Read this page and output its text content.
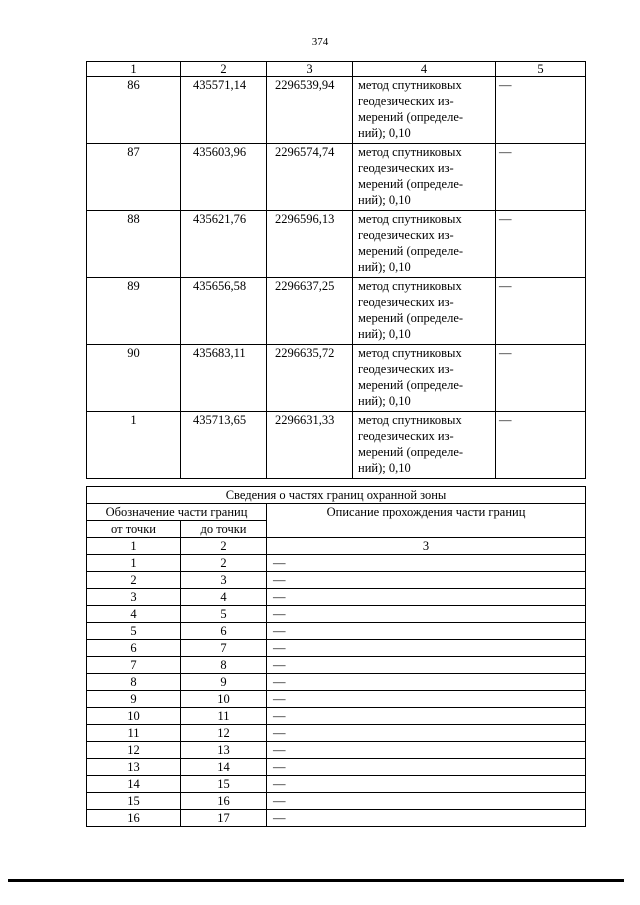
374
1	2	3	4	5
86	435571,14	2296539,94	метод спутниковых
геодезических из-
мерений (определе-
ний); 0,10	—
87	435603,96	2296574,74	метод спутниковых
геодезических из-
мерений (определе-
ний); 0,10	—
88	435621,76	2296596,13	метод спутниковых
геодезических из-
мерений (определе-
ний); 0,10	—
89	435656,58	2296637,25	метод спутниковых
геодезических из-
мерений (определе-
ний); 0,10	—
90	435683,11	2296635,72	метод спутниковых
геодезических из-
мерений (определе-
ний); 0,10	—
1	435713,65	2296631,33	метод спутниковых
геодезических из-
мерений (определе-
ний); 0,10	—
Сведения о частях границ охранной зоны		
Обозначение части границ		Описание прохождения части границ
от точки	до точки	
1	2	3
1	2	—
2	3	—
3	4	—
4	5	—
5	6	—
6	7	—
7	8	—
8	9	—
9	10	—
10	11	—
11	12	—
12	13	—
13	14	—
14	15	—
15	16	—
16	17	—
